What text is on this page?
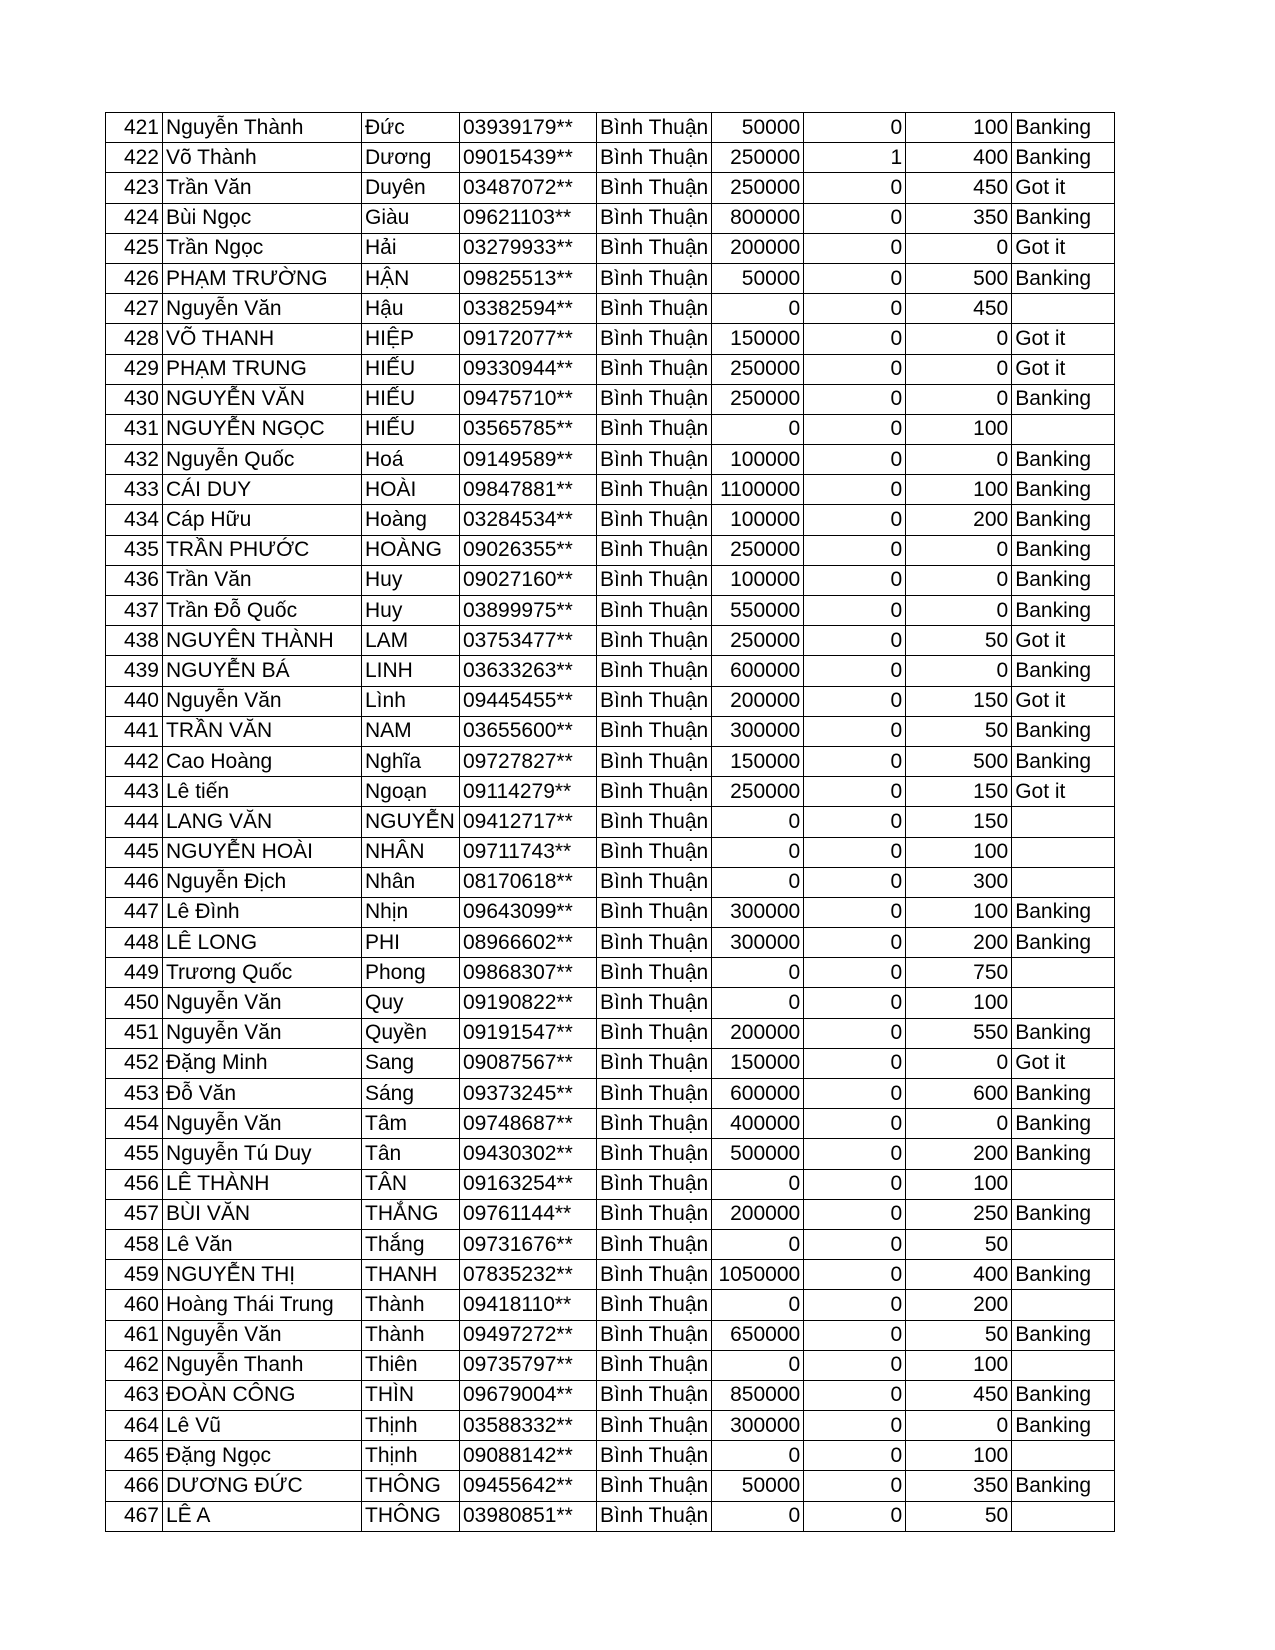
421	Nguyễn Thành	Đức	03939179**	Bình Thuận	50000	0	100	Banking
422	Võ Thành	Dương	09015439**	Bình Thuận	250000	1	400	Banking
423	Trần Văn	Duyên	03487072**	Bình Thuận	250000	0	450	Got it
424	Bùi Ngọc	Giàu	09621103**	Bình Thuận	800000	0	350	Banking
425	Trần Ngọc	Hải	03279933**	Bình Thuận	200000	0	0	Got it
426	PHẠM TRƯỜNG	HẬN	09825513**	Bình Thuận	50000	0	500	Banking
427	Nguyễn Văn	Hậu	03382594**	Bình Thuận	0	0	450	
428	VÕ THANH	HIỆP	09172077**	Bình Thuận	150000	0	0	Got it
429	PHẠM TRUNG	HIẾU	09330944**	Bình Thuận	250000	0	0	Got it
430	NGUYỄN VĂN	HIẾU	09475710**	Bình Thuận	250000	0	0	Banking
431	NGUYỄN NGỌC	HIẾU	03565785**	Bình Thuận	0	0	100	
432	Nguyễn Quốc	Hoá	09149589**	Bình Thuận	100000	0	0	Banking
433	CÁI DUY	HOÀI	09847881**	Bình Thuận	1100000	0	100	Banking
434	Cáp Hữu	Hoàng	03284534**	Bình Thuận	100000	0	200	Banking
435	TRẦN PHƯỚC	HOÀNG	09026355**	Bình Thuận	250000	0	0	Banking
436	Trần Văn	Huy	09027160**	Bình Thuận	100000	0	0	Banking
437	Trần Đỗ Quốc	Huy	03899975**	Bình Thuận	550000	0	0	Banking
438	NGUYÊN THÀNH	LAM	03753477**	Bình Thuận	250000	0	50	Got it
439	NGUYỄN BÁ	LINH	03633263**	Bình Thuận	600000	0	0	Banking
440	Nguyễn Văn	Lình	09445455**	Bình Thuận	200000	0	150	Got it
441	TRẦN VĂN	NAM	03655600**	Bình Thuận	300000	0	50	Banking
442	Cao Hoàng	Nghĩa	09727827**	Bình Thuận	150000	0	500	Banking
443	Lê tiến	Ngoạn	09114279**	Bình Thuận	250000	0	150	Got it
444	LANG VĂN	NGUYỄN	09412717**	Bình Thuận	0	0	150	
445	NGUYỄN HOÀI	NHÂN	09711743**	Bình Thuận	0	0	100	
446	Nguyễn Địch	Nhân	08170618**	Bình Thuận	0	0	300	
447	Lê Đình	Nhịn	09643099**	Bình Thuận	300000	0	100	Banking
448	LÊ LONG	PHI	08966602**	Bình Thuận	300000	0	200	Banking
449	Trương Quốc	Phong	09868307**	Bình Thuận	0	0	750	
450	Nguyễn Văn	Quy	09190822**	Bình Thuận	0	0	100	
451	Nguyễn Văn	Quyền	09191547**	Bình Thuận	200000	0	550	Banking
452	Đặng Minh	Sang	09087567**	Bình Thuận	150000	0	0	Got it
453	Đỗ Văn	Sáng	09373245**	Bình Thuận	600000	0	600	Banking
454	Nguyễn Văn	Tâm	09748687**	Bình Thuận	400000	0	0	Banking
455	Nguyễn Tú Duy	Tân	09430302**	Bình Thuận	500000	0	200	Banking
456	LÊ THÀNH	TÂN	09163254**	Bình Thuận	0	0	100	
457	BÙI VĂN	THẮNG	09761144**	Bình Thuận	200000	0	250	Banking
458	Lê Văn	Thắng	09731676**	Bình Thuận	0	0	50	
459	NGUYỄN THỊ	THANH	07835232**	Bình Thuận	1050000	0	400	Banking
460	Hoàng Thái Trung	Thành	09418110**	Bình Thuận	0	0	200	
461	Nguyễn Văn	Thành	09497272**	Bình Thuận	650000	0	50	Banking
462	Nguyễn Thanh	Thiên	09735797**	Bình Thuận	0	0	100	
463	ĐOÀN CÔNG	THÌN	09679004**	Bình Thuận	850000	0	450	Banking
464	Lê Vũ	Thịnh	03588332**	Bình Thuận	300000	0	0	Banking
465	Đặng Ngọc	Thịnh	09088142**	Bình Thuận	0	0	100	
466	DƯƠNG ĐỨC	THÔNG	09455642**	Bình Thuận	50000	0	350	Banking
467	LÊ A	THÔNG	03980851**	Bình Thuận	0	0	50	
